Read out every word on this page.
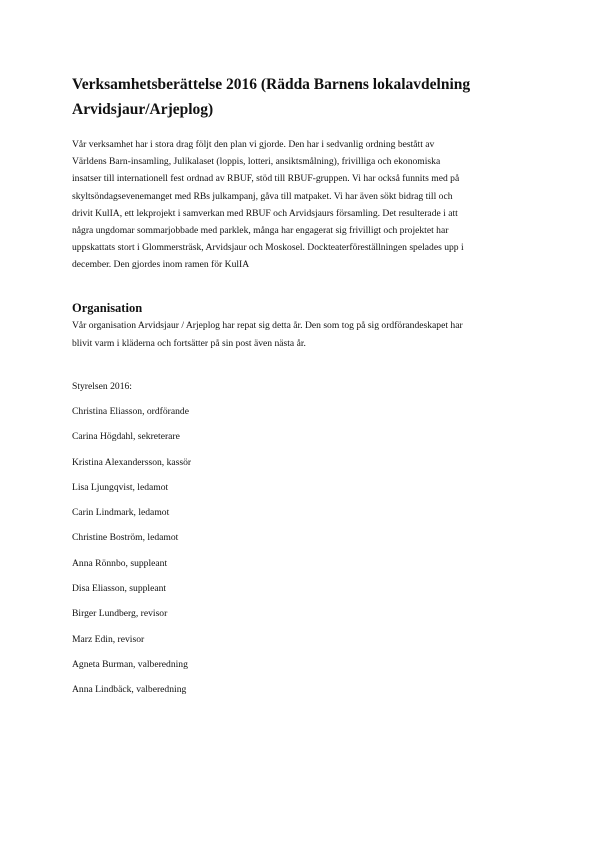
Verksamhetsberättelse 2016 (Rädda Barnens lokalavdelning
Arvidsjaur/Arjeplog)

Vår verksamhet har i stora drag följt den plan vi gjorde. Den har i sedvanlig ordning bestått av
Världens Barn-insamling, Julikalaset (loppis, lotteri, ansiktsmålning), frivilliga och ekonomiska
insatser till internationell fest ordnad av RBUF, stöd till RBUF-gruppen. Vi har också funnits med på
skyltsöndagsevenemanget med RBs julkampanj, gåva till matpaket. Vi har även sökt bidrag till och
drivit KulIA, ett lekprojekt i samverkan med RBUF och Arvidsjaurs församling. Det resulterade i att
några ungdomar sommarjobbade med parklek, många har engagerat sig frivilligt och projektet har
uppskattats stort i Glommersträsk, Arvidsjaur och Moskosel. Dockteaterföreställningen spelades upp i
december. Den gjordes inom ramen för KulIA

Organisation

Vår organisation Arvidsjaur / Arjeplog har repat sig detta år. Den som tog på sig ordförandeskapet har
blivit varm i kläderna och fortsätter på sin post även nästa år.

Styrelsen 2016:

Christina Eliasson, ordförande
Carina Högdahl, sekreterare
Kristina Alexandersson, kassör
Lisa Ljungqvist, ledamot
Carin Lindmark, ledamot
Christine Boström, ledamot
Anna Rönnbo, suppleant
Disa Eliasson, suppleant
Birger Lundberg, revisor
Marz Edin, revisor
Agneta Burman, valberedning
Anna Lindbäck, valberedning
